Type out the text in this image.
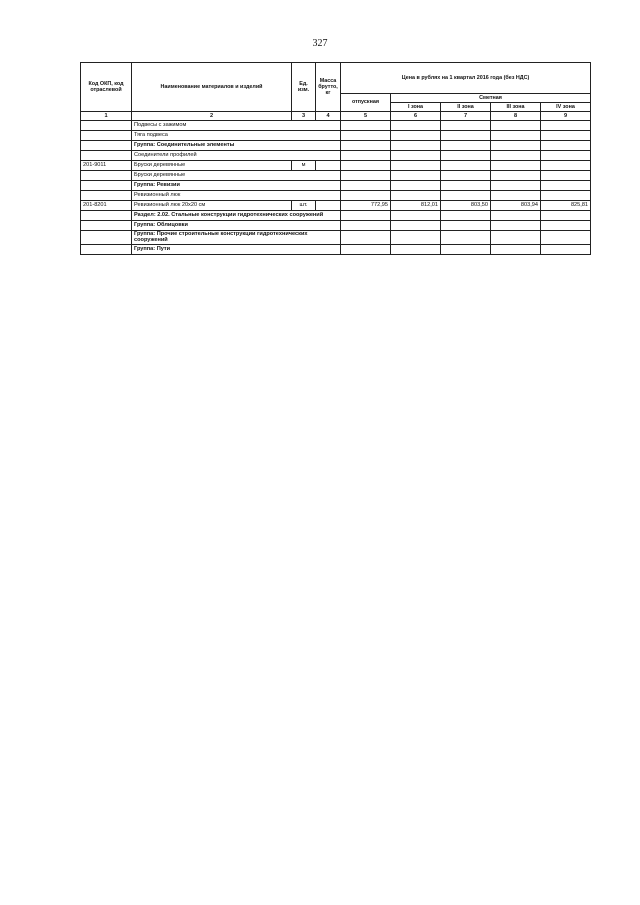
327
Код ОКП, код отраслевой	Наименование материалов и изделий	Ед. изм.	Масса брутто, кг	Цена в рублях на 1 квартал 2016 года (без НДС)				
				отпускная	Сметная			
					I зона	II зона	III зона	IV зона
1	2	3	4	5	6	7	8	9
	Подвесы с зажимом							
	Тяга подвеса							
	Группа: Соединительные элементы							
	Соединители профилей							
201-9011	Бруски деревянные	м						
	Бруски деревянные							
	Группа: Ревизии							
	Ревизионный люк							
201-8201	Ревизионный люк 20x20 см	шт.		772,95	812,01	803,50	803,94	825,81
	Раздел: 2.02. Стальные конструкции гидротехнических сооружений							
	Группа: Облицовки							
	Группа: Прочие строительные конструкции гидротехнических сооружений							
	Группа: Пути							
